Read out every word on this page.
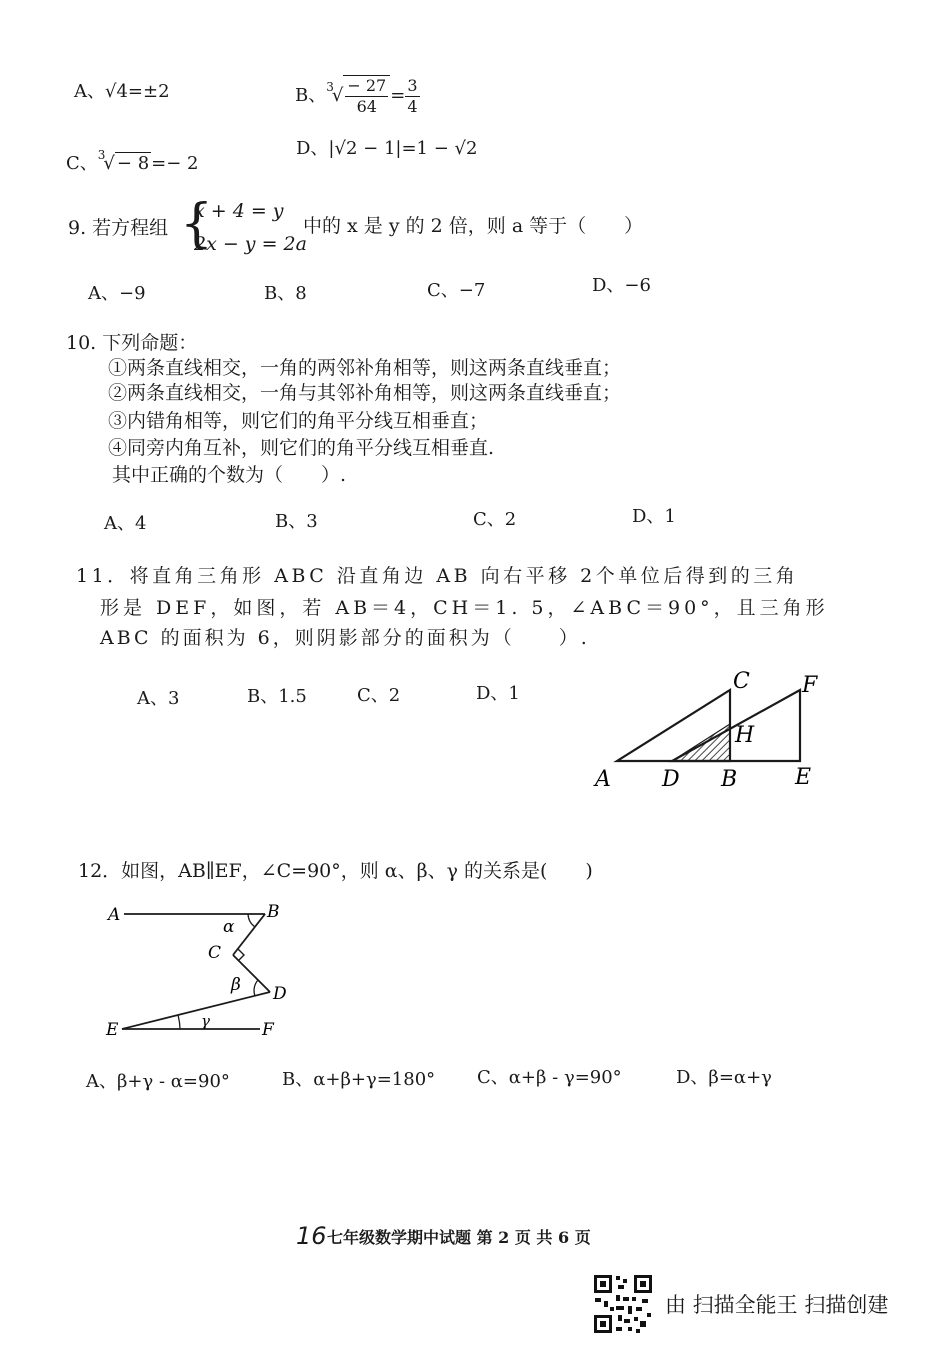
A、√4=±2	B、$^3√ \frac{- 27}{64} = \frac{3}{4}$
C、$^3$√ − 8 =− 2
D、|√2 − 1|=1 − √2
9. 若方程组 {
x + 4 = y
2x − y = 2a
中的 x 是 y 的 2 倍，则 a 等于（　　）
A、−9	B、8	C、−7	D、−6
10. 下列命题：
①两条直线相交，一角的两邻补角相等，则这两条直线垂直；
②两条直线相交，一角与其邻补角相等，则这两条直线垂直；
③内错角相等，则它们的角平分线互相垂直；
④同旁内角互补，则它们的角平分线互相垂直.
其中正确的个数为（　　）.
A、4	B、3	C、2	D、1
11．将直角三角形 ABC 沿直角边 AB 向右平移 2个单位后得到的三角
形是 DEF，如图，若 AB＝4，CH＝1. 5，∠ABC＝90°，且三角形
ABC 的面积为 6，则阴影部分的面积为（　　）.
A、3	B、1.5	C、2	D、1	C F
H
A D B	E
12．如图，AB∥EF，∠C=90°，则 α、β、γ 的关系是(　　)
A	B
C
D
E	F
α
β
γ
A、β+γ - α=90°	B、α+β+γ=180° C、α+β - γ=90°	D、β=α+γ
16 七年级数学期中试题 第 2 页 共 6 页
由 扫描全能王 扫描创建
